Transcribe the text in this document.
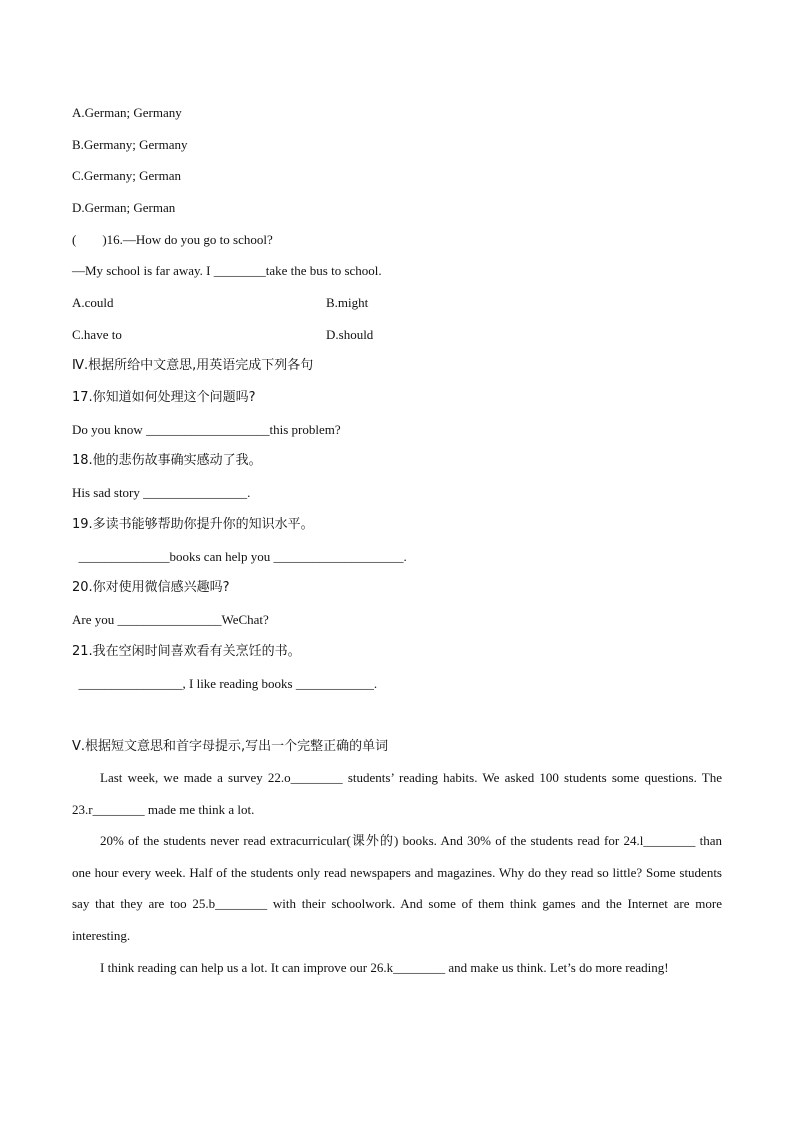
A.German; Germany
B.Germany; Germany
C.Germany; German
D.German; German
(　　)16.—How do you go to school?
—My school is far away. I ________take the bus to school.
A.could	B.might
C.have to	D.should
Ⅳ.根据所给中文意思,用英语完成下列各句
17.你知道如何处理这个问题吗?
Do you know ___________________this problem?
18.他的悲伤故事确实感动了我。
His sad story ________________.
19.多读书能够帮助你提升你的知识水平。
______________books can help you ____________________.
20.你对使用微信感兴趣吗?
Are you ________________WeChat?
21.我在空闲时间喜欢看有关烹饪的书。
________________, I like reading books ____________.
Ⅴ.根据短文意思和首字母提示,写出一个完整正确的单词

Last week, we made a survey 22.o________ students’ reading habits. We asked 100 students some questions. The 23.r________ made me think a lot.

20% of the students never read extracurricular(课外的) books. And 30% of the students read for 24.l________ than one hour every week. Half of the students only read newspapers and magazines. Why do they read so little? Some students say that they are too 25.b________ with their schoolwork. And some of them think games and the Internet are more interesting.

I think reading can help us a lot. It can improve our 26.k________ and make us think. Let’s do more reading!
